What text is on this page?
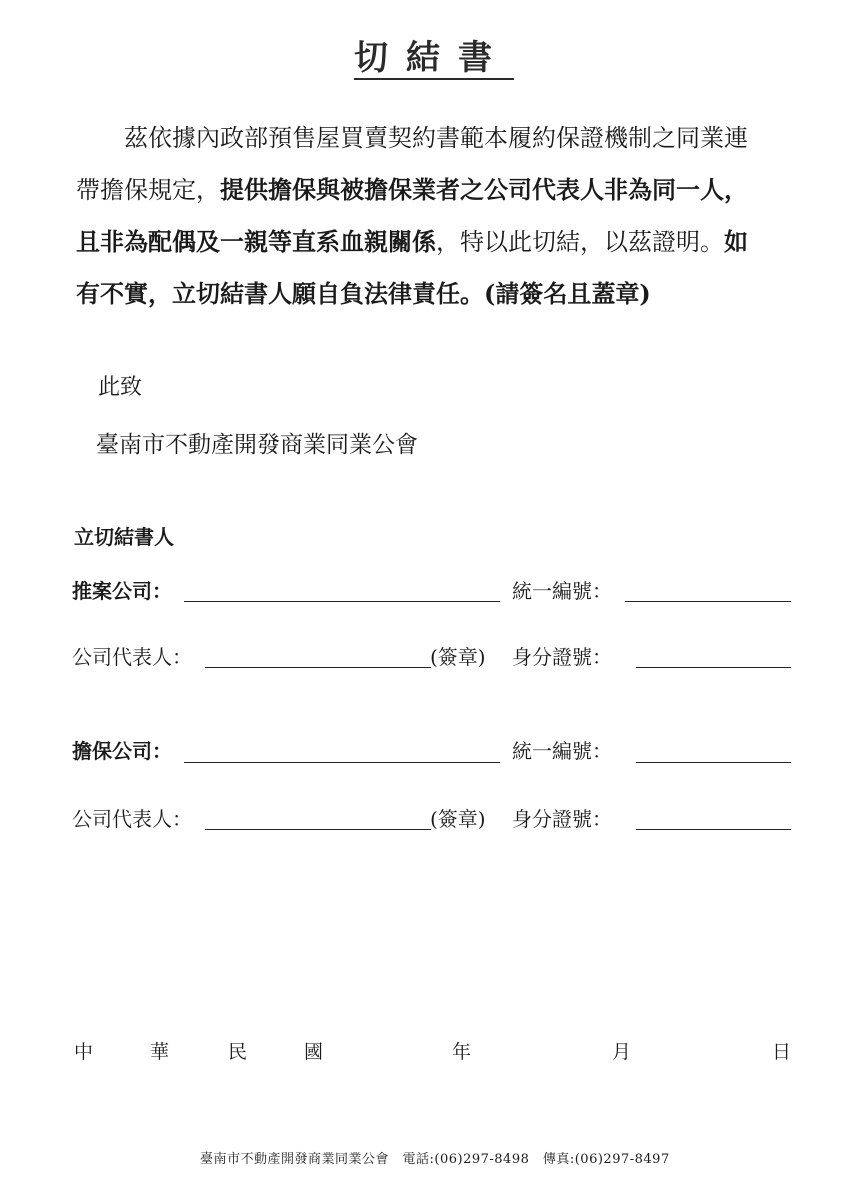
切結書

茲依據內政部預售屋買賣契約書範本履約保證機制之同業連

帶擔保規定，提供擔保與被擔保業者之公司代表人非為同一人，

且非為配偶及一親等直系血親關係，特以此切結，以茲證明。如

有不實，立切結書人願自負法律責任。(請簽名且蓋章)

此致
臺南市不動產開發商業同業公會
立切結書人
推案公司：	統一編號：
公司代表人：	(簽章) 身分證號：
擔保公司：	統一編號：
公司代表人：	(簽章) 身分證號：
中	華	民	國	年	月	日
臺南市不動產開發商業同業公會　電話:(06)297-8498　傳真:(06)297-8497
